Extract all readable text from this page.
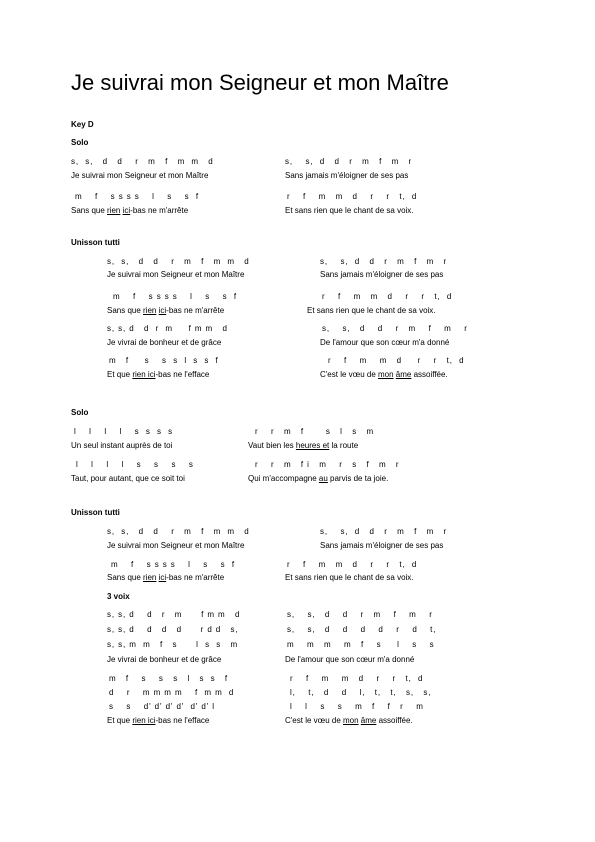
Je suivrai mon Seigneur et mon Maître
Key D
Solo
s,  s,   d   d    r   m   f   m  m   d	s,    s,  d   d   r   m   f   m   r
Je suivrai mon Seigneur et mon Maître	Sans jamais m'éloigner de ses pas
m    f    s s s s    l    s    s  f	r    f    m   m   d    r    r   t,  d
Sans que rien ici-bas ne m'arrête	Et sans rien que le chant de sa voix.
Unisson tutti
s,  s,   d   d    r   m   f   m  m   d	s,    s,  d   d   r   m   f   m   r
Je suivrai mon Seigneur et mon Maître	Sans jamais m'éloigner de ses pas
m    f    s s s s    l    s    s  f	r    f    m   m   d    r    r   t,  d
Sans que rien ici-bas ne m'arrête	Et sans rien que le chant de sa voix.
s, s, d   d  r  m     f m m   d	s,    s,   d    d    r   m    f    m    r
Je vivrai de bonheur et de grâce	De l'amour que son cœur m'a donné
m   f     s    s  s  l  s  s  f	r    f    m    m   d     r    r   t,  d
Et que rien ici-bas ne l'efface	C'est le vœu de mon âme assoiffée.
Solo
l    l    l    l    s  s  s  s	r    r   m   f       s   l   s   m
Un seul instant auprès de toi	Vaut bien les heures et la route
l    l    l    l    s    s    s    s	r    r   m   f i   m    r   s   f   m   r
Taut, pour autant, que ce soit toi	Qui m'accompagne au parvis de ta joie.
Unisson tutti
s,  s,   d   d    r   m   f   m  m   d	s,    s,  d   d   r   m   f   m   r
Je suivrai mon Seigneur et mon Maître	Sans jamais m'éloigner de ses pas
m    f    s s s s    l    s    s  f	r    f    m   m   d    r    r   t,  d
Sans que rien ici-bas ne m'arrête	Et sans rien que le chant de sa voix.
3 voix
s, s, d    d   r   m      f m m   d	s,    s,   d    d    r   m    f    m    r
s, s, d    d   d   d      r d d   s,	s,    s,   d    d    d    d    r    d    t,
s, s, m  m   f   s      l  s  s   m	m    m   m    m   f    s     l    s    s
Je vivrai de bonheur et de grâce	De l'amour que son cœur m'a donné
m   f    s    s   s   l   s  s   f	r    f    m    m   d    r    r   t,  d
d    r    m m m m    f  m m  d	l,    t,   d    d    l,   t,   t,   s,   s,
s    s    d' d' d' d'  d' d' l	l    l    s    s    m   f    f   r    m
Et que rien ici-bas ne l'efface	C'est le vœu de mon âme assoiffée.
